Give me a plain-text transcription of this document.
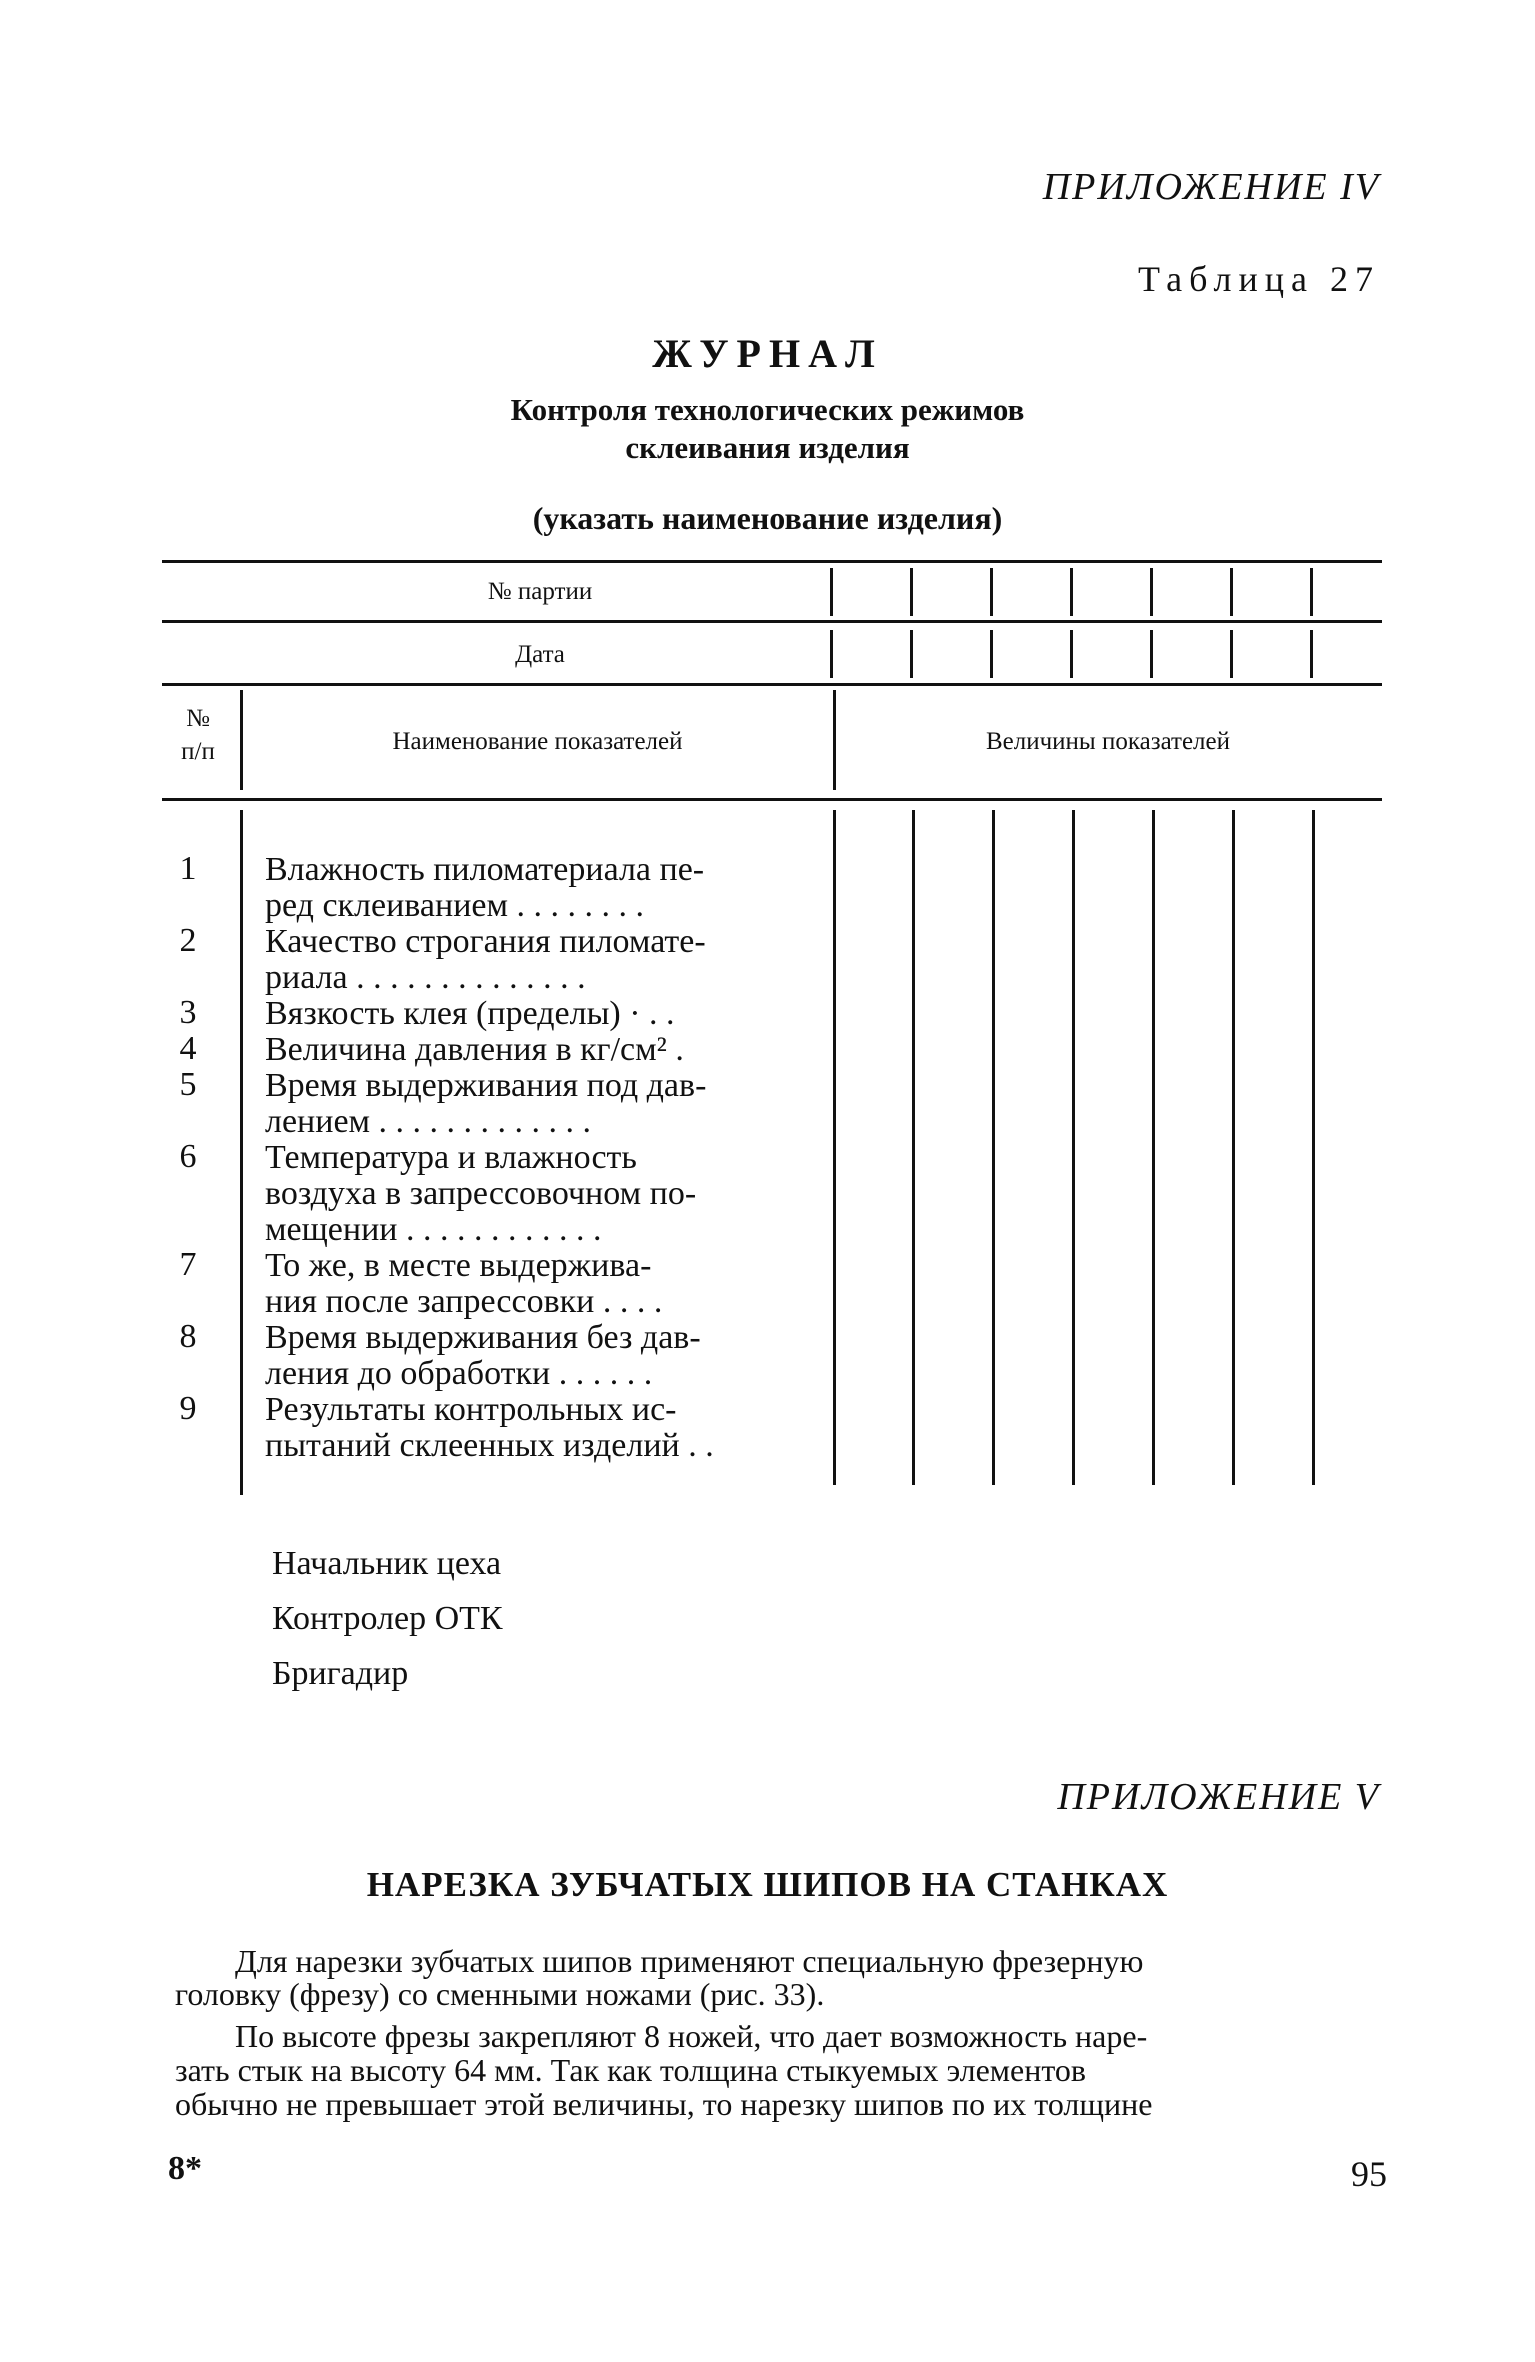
ПРИЛОЖЕНИЕ IV
Таблица 27
ЖУРНАЛ
Контроля технологических режимов
склеивания изделия
(указать наименование изделия)
№ партии
Дата
№
п/п	Наименование показателей	Величины показателей
1	Влажность пиломатериала пе-
ред склеиванием . . . . . . . .
2	Качество строгания пиломате-
риала . . . . . . . . . . . . . .
3	Вязкость клея (пределы) · . .
4	Величина давления в кг/см² .
5	Время выдерживания под дав-
лением . . . . . . . . . . . . .
6	Температура и влажность
воздуха в запрессовочном по-
мещении . . . . . . . . . . . .
7	То же, в месте выдержива-
ния после запрессовки . . . .
8	Время выдерживания без дав-
ления до обработки . . . . . .
9	Результаты контрольных ис-
пытаний склеенных изделий . .
Начальник цеха
Контролер ОТК
Бригадир
ПРИЛОЖЕНИЕ V
НАРЕЗКА ЗУБЧАТЫХ ШИПОВ НА СТАНКАХ
Для нарезки зубчатых шипов применяют специальную фрезерную
головку (фрезу) со сменными ножами (рис. 33).
По высоте фрезы закрепляют 8 ножей, что дает возможность наре-
зать стык на высоту 64 мм. Так как толщина стыкуемых элементов
обычно не превышает этой величины, то нарезку шипов по их толщине
8*	95
